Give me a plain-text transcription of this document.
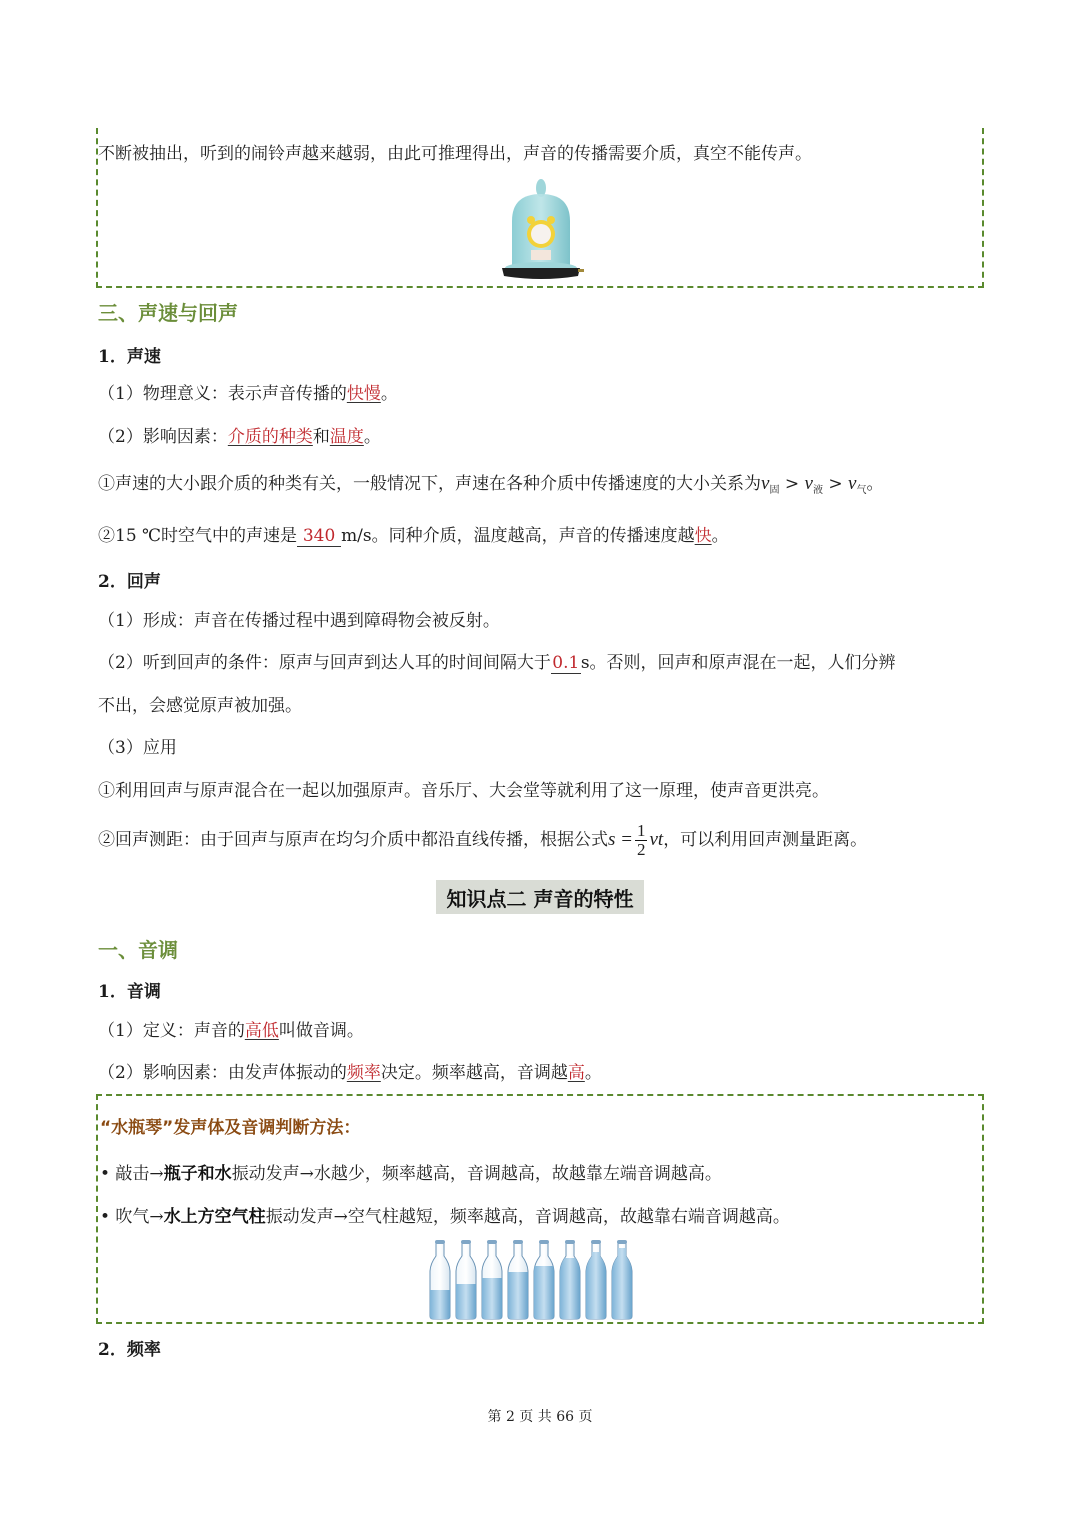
不断被抽出，听到的闹铃声越来越弱，由此可推理得出，声音的传播需要介质，真空不能传声。
三、声速与回声
1．声速
（1）物理意义：表示声音传播的快慢。
（2）影响因素：介质的种类和温度。
①声速的大小跟介质的种类有关，一般情况下，声速在各种介质中传播速度的大小关系为$v_固 > v_液 > v_气$。
②15 ℃时空气中的声速是 340 m/s。同种介质，温度越高，声音的传播速度越快。
2．回声
（1）形成：声音在传播过程中遇到障碍物会被反射。
（2）听到回声的条件：原声与回声到达人耳的时间间隔大于0.1s。否则，回声和原声混在一起，人们分辨
不出，会感觉原声被加强。
（3）应用
①利用回声与原声混合在一起以加强原声。音乐厅、大会堂等就利用了这一原理，使声音更洪亮。
②回声测距：由于回声与原声在均匀介质中都沿直线传播，根据公式$s = \frac{1}{2}$ vt，可以利用回声测量距离。
知识点二 声音的特性
一、音调
1．音调
（1）定义：声音的高低叫做音调。
（2）影响因素：由发声体振动的频率决定。频率越高，音调越高。
“水瓶琴”发声体及音调判断方法：
• 敲击→瓶子和水振动发声→水越少，频率越高，音调越高，故越靠左端音调越高。
• 吹气→水上方空气柱振动发声→空气柱越短，频率越高，音调越高，故越靠右端音调越高。
2．频率
第 2 页 共 66 页
